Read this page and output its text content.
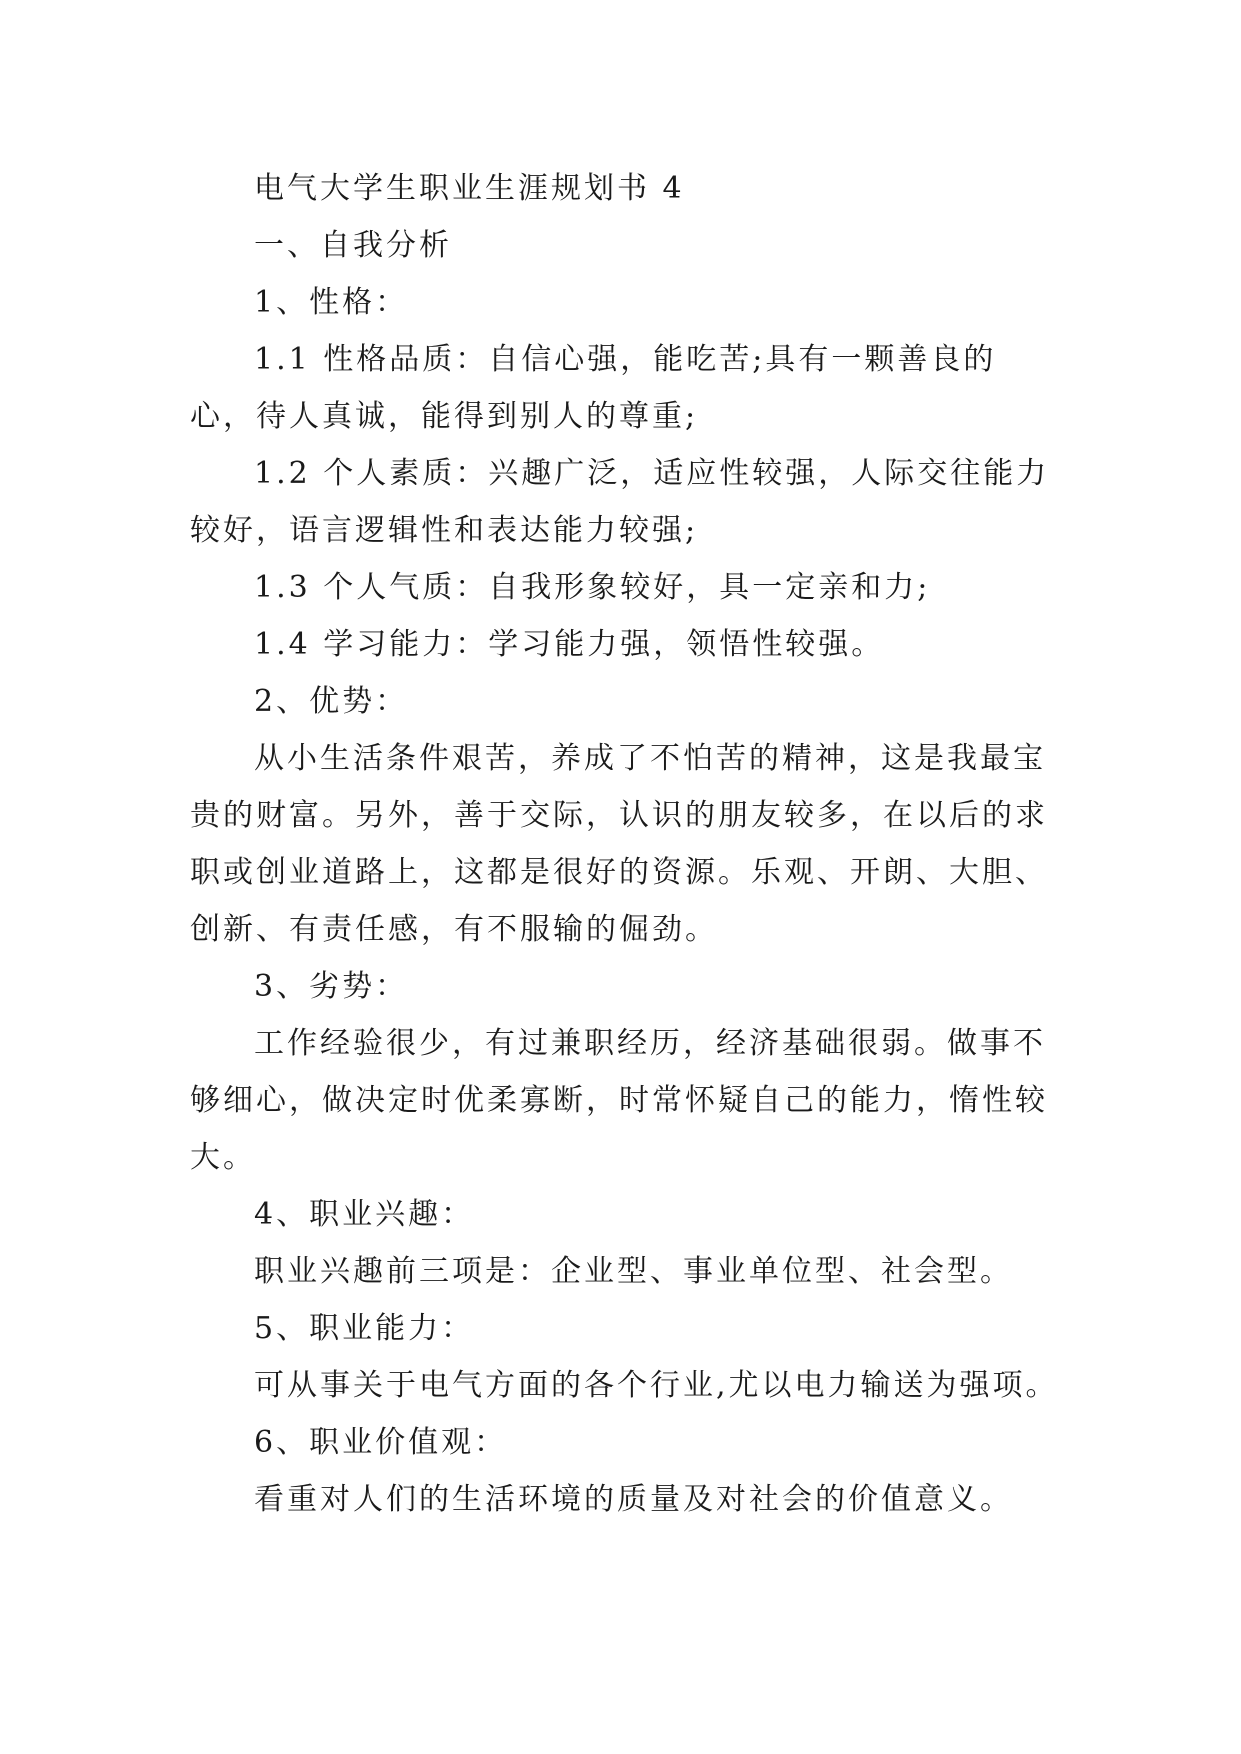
电气大学生职业生涯规划书 4

一、自我分析

1、性格：

1.1 性格品质：自信心强，能吃苦;具有一颗善良的心，待人真诚，能得到别人的尊重;

1.2 个人素质：兴趣广泛，适应性较强，人际交往能力较好，语言逻辑性和表达能力较强;

1.3 个人气质：自我形象较好，具一定亲和力;

1.4 学习能力：学习能力强，领悟性较强。

2、优势：

从小生活条件艰苦，养成了不怕苦的精神，这是我最宝贵的财富。另外，善于交际，认识的朋友较多，在以后的求职或创业道路上，这都是很好的资源。乐观、开朗、大胆、创新、有责任感，有不服输的倔劲。

3、劣势：

工作经验很少，有过兼职经历，经济基础很弱。做事不够细心，做决定时优柔寡断，时常怀疑自己的能力，惰性较大。

4、职业兴趣：

职业兴趣前三项是：企业型、事业单位型、社会型。

5、职业能力：

可从事关于电气方面的各个行业,尤以电力输送为强项。

6、职业价值观：

看重对人们的生活环境的质量及对社会的价值意义。
